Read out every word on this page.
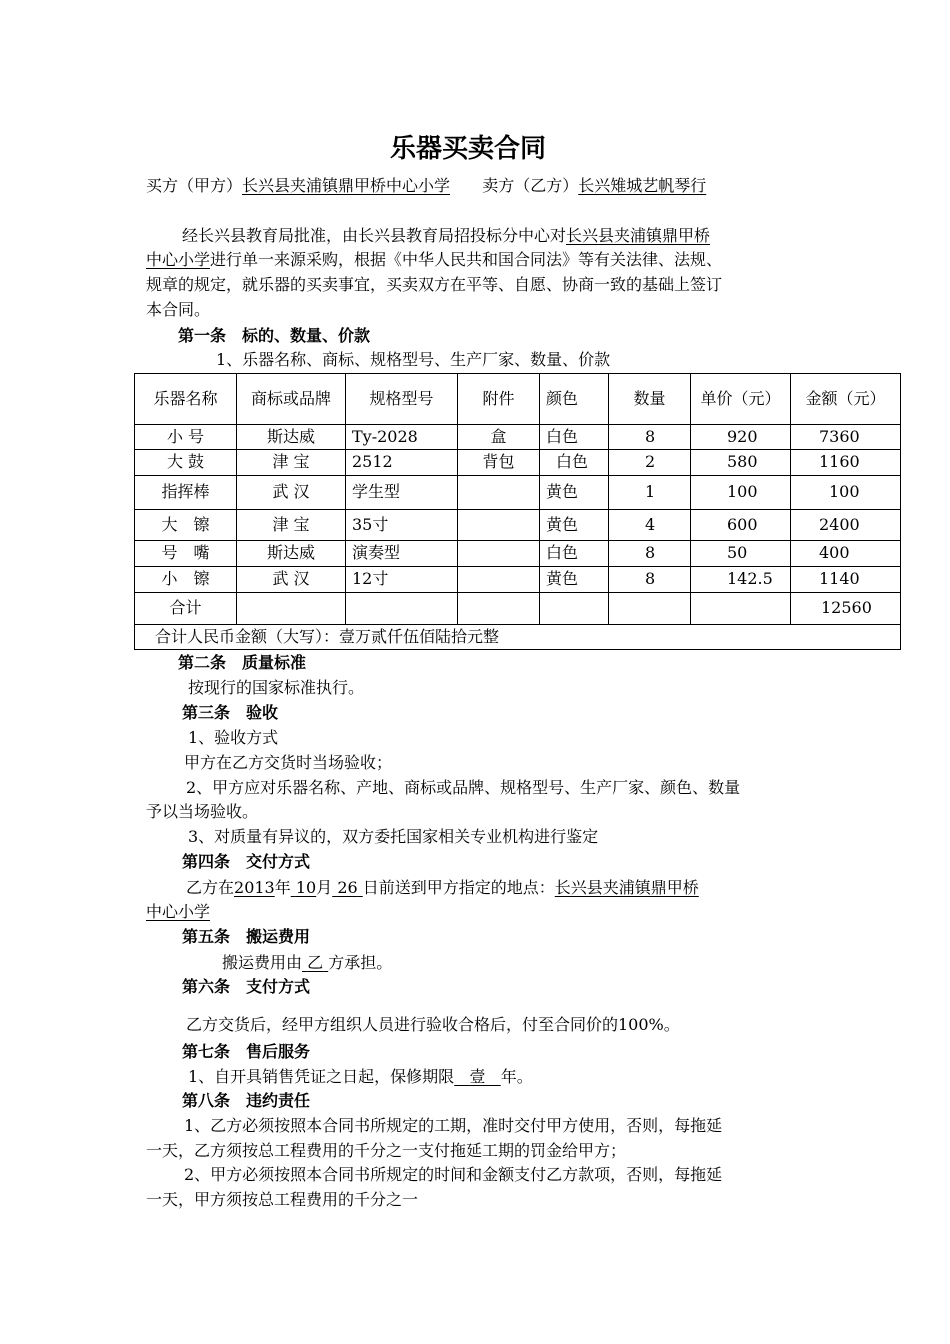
乐器买卖合同
买方（甲方）长兴县夹浦镇鼎甲桥中心小学 卖方（乙方）长兴雉城艺帆琴行
经长兴县教育局批准，由长兴县教育局招投标分中心对长兴县夹浦镇鼎甲桥
中心小学进行单一来源采购，根据《中华人民共和国合同法》等有关法律、法规、
规章的规定，就乐器的买卖事宜，买卖双方在平等、自愿、协商一致的基础上签订
本合同。
第一条　标的、数量、价款
1、乐器名称、商标、规格型号、生产厂家、数量、价款
乐器名称	商标或品牌	规格型号	附件	颜色	数量	单价（元）	金额（元）
小 号	斯达威	Ty-2028	盒	白色	8	920	7360
大 鼓	津 宝	2512	背包	白色	2	580	1160
指挥棒	武 汉	学生型		黄色	1	100	100
大　镲	津 宝	35寸		黄色	4	600	2400
号　嘴	斯达威	演奏型		白色	8	50	400
小　镲	武 汉	12寸		黄色	8	142.5	1140
合计							12560
合计人民币金额（大写）：壹万贰仟伍佰陆拾元整							
第二条　质量标准
按现行的国家标准执行。
第三条　验收
1、验收方式
甲方在乙方交货时当场验收；
2、甲方应对乐器名称、产地、商标或品牌、规格型号、生产厂家、颜色、数量
予以当场验收。
3、对质量有异议的，双方委托国家相关专业机构进行鉴定
第四条　交付方式
乙方在2013年 10月 26 日前送到甲方指定的地点：长兴县夹浦镇鼎甲桥
中心小学
第五条　搬运费用
搬运费用由 乙 方承担。
第六条　支付方式
乙方交货后，经甲方组织人员进行验收合格后，付至合同价的100%。
第七条　售后服务
1、自开具销售凭证之日起，保修期限 壹 年。
第八条　违约责任
1、乙方必须按照本合同书所规定的工期，准时交付甲方使用，否则，每拖延
一天，乙方须按总工程费用的千分之一支付拖延工期的罚金给甲方；
2、甲方必须按照本合同书所规定的时间和金额支付乙方款项，否则，每拖延
一天，甲方须按总工程费用的千分之一
